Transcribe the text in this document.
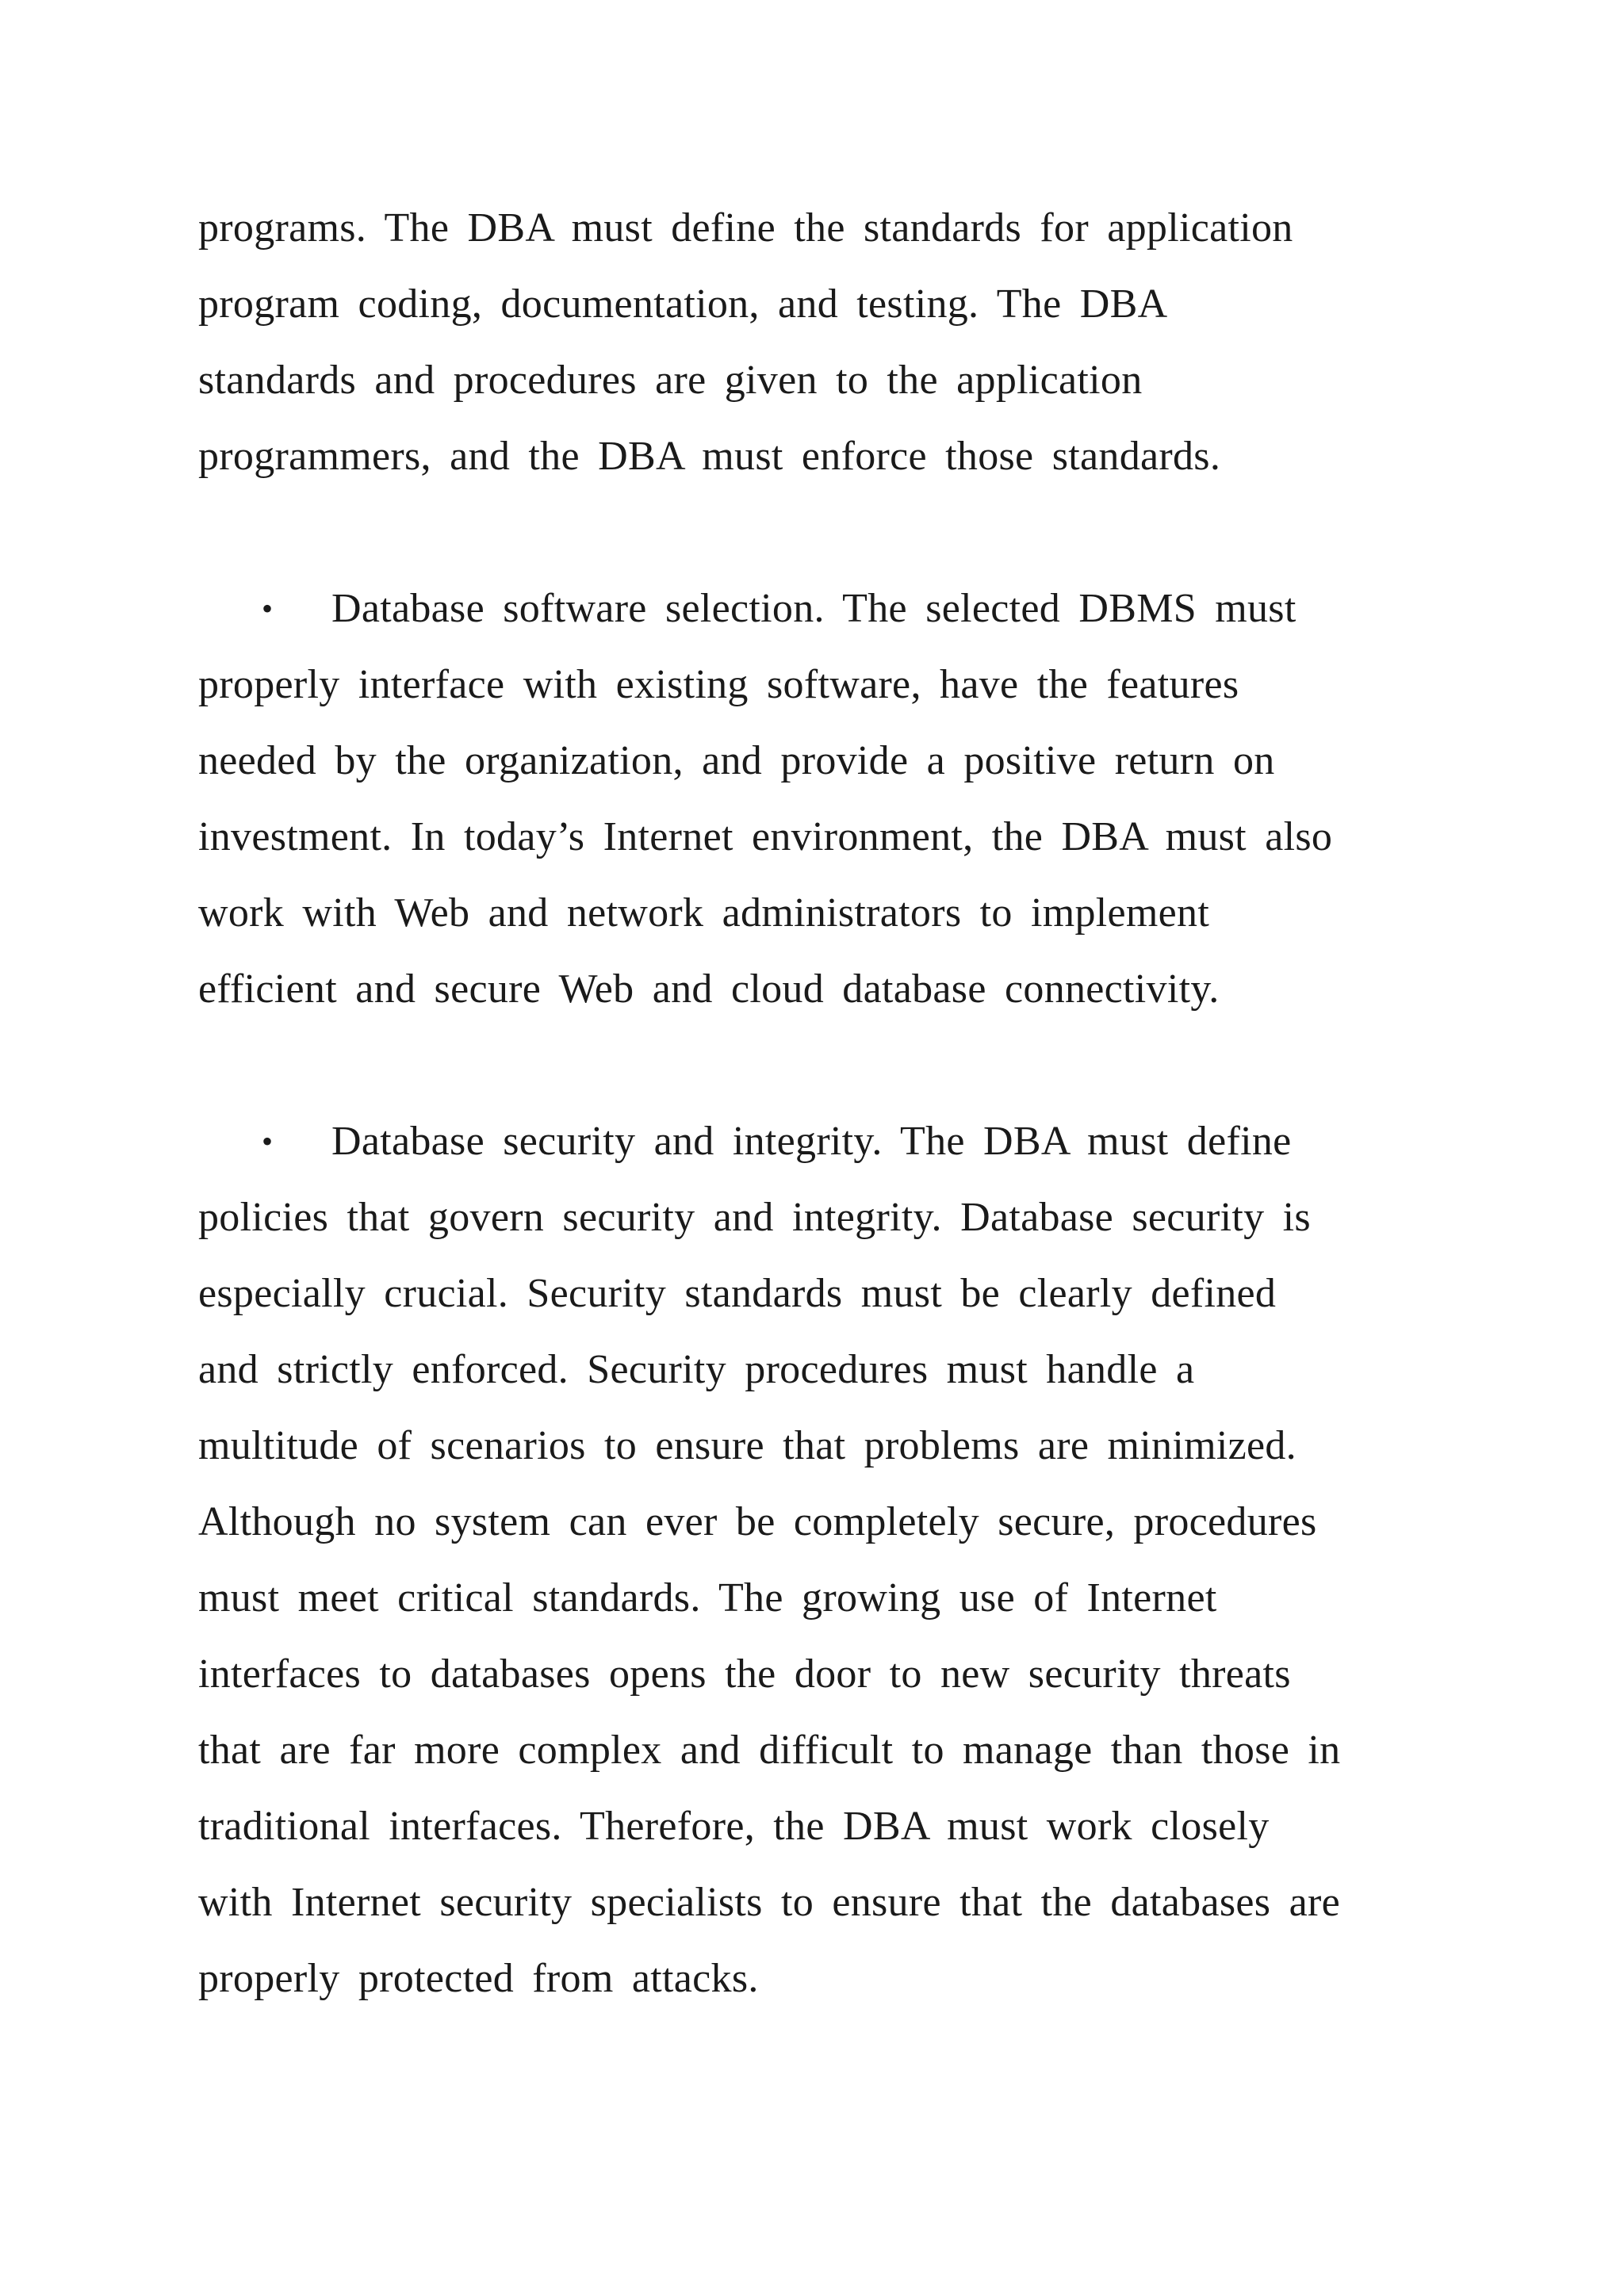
programs. The DBA must define the standards for application
program coding, documentation, and testing. The DBA
standards and procedures are given to the application
programmers, and the DBA must enforce those standards.
• Database software selection. The selected DBMS must
properly interface with existing software, have the features
needed by the organization, and provide a positive return on
investment. In today’s Internet environment, the DBA must also
work with Web and network administrators to implement
efficient and secure Web and cloud database connectivity.
• Database security and integrity. The DBA must define
policies that govern security and integrity. Database security is
especially crucial. Security standards must be clearly defined
and strictly enforced. Security procedures must handle a
multitude of scenarios to ensure that problems are minimized.
Although no system can ever be completely secure, procedures
must meet critical standards. The growing use of Internet
interfaces to databases opens the door to new security threats
that are far more complex and difficult to manage than those in
traditional interfaces. Therefore, the DBA must work closely
with Internet security specialists to ensure that the databases are
properly protected from attacks.
